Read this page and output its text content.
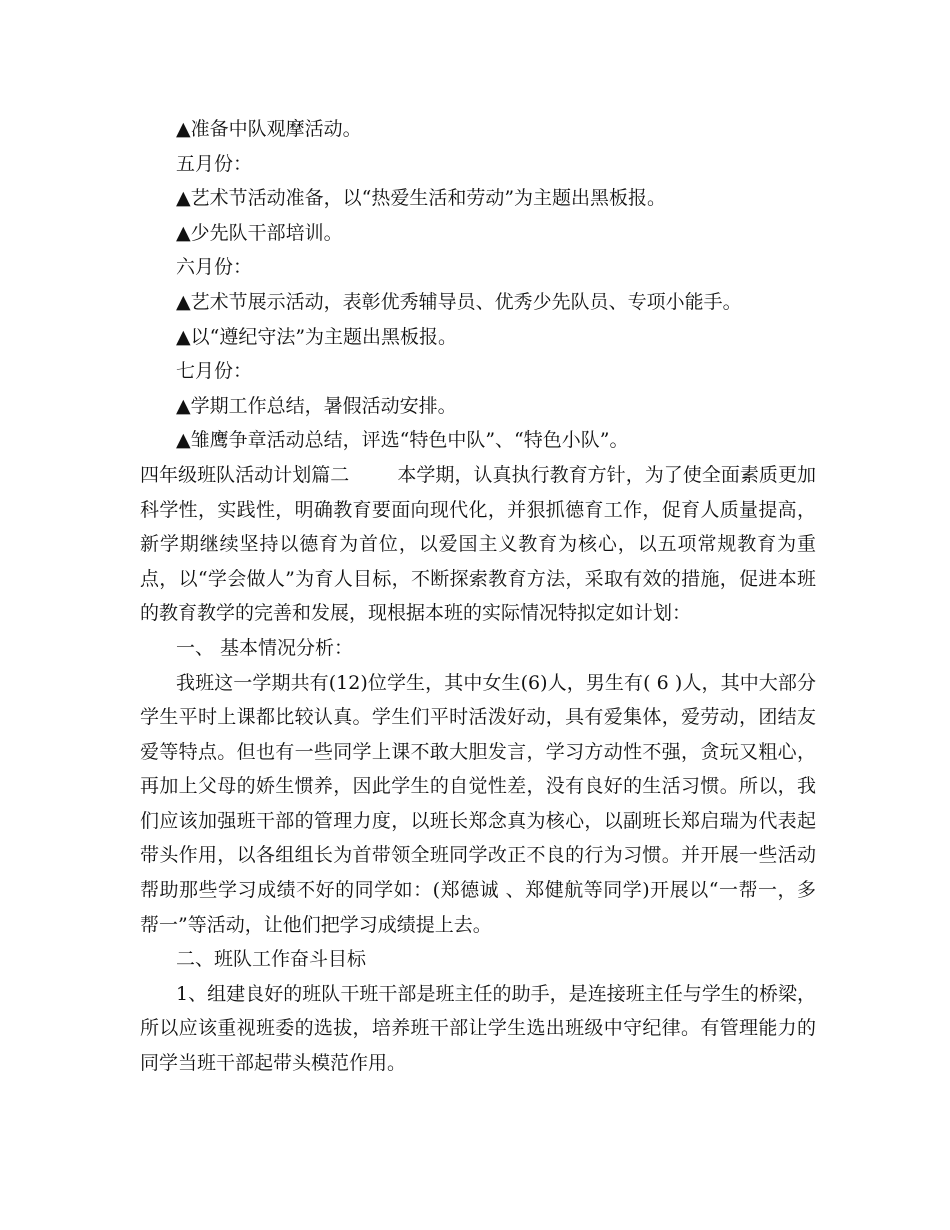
▲准备中队观摩活动。
五月份：
▲艺术节活动准备，以“热爱生活和劳动”为主题出黑板报。
▲少先队干部培训。
六月份：
▲艺术节展示活动，表彰优秀辅导员、优秀少先队员、专项小能手。
▲以“遵纪守法”为主题出黑板报。
七月份：
▲学期工作总结，暑假活动安排。
▲雏鹰争章活动总结，评选“特色中队”、“特色小队”。
四年级班队活动计划篇二	本学期，认真执行教育方针，为了使全面素质更加科学性，实践性，明确教育要面向现代化，并狠抓德育工作，促育人质量提高，新学期继续坚持以德育为首位，以爱国主义教育为核心，以五项常规教育为重点，以“学会做人”为育人目标，不断探索教育方法，采取有效的措施，促进本班的教育教学的完善和发展，现根据本班的实际情况特拟定如计划：
一、 基本情况分析：
我班这一学期共有(12)位学生，其中女生(6)人，男生有( 6 )人，其中大部分学生平时上课都比较认真。学生们平时活泼好动，具有爱集体，爱劳动，团结友爱等特点。但也有一些同学上课不敢大胆发言，学习方动性不强，贪玩又粗心，再加上父母的娇生惯养，因此学生的自觉性差，没有良好的生活习惯。所以，我们应该加强班干部的管理力度，以班长郑念真为核心，以副班长郑启瑞为代表起带头作用，以各组组长为首带领全班同学改正不良的行为习惯。并开展一些活动帮助那些学习成绩不好的同学如：(郑德诚 、郑健航等同学)开展以“一帮一，多帮一”等活动，让他们把学习成绩提上去。
二、班队工作奋斗目标
1、组建良好的班队干班干部是班主任的助手，是连接班主任与学生的桥梁，所以应该重视班委的选拔，培养班干部让学生选出班级中守纪律。有管理能力的同学当班干部起带头模范作用。
